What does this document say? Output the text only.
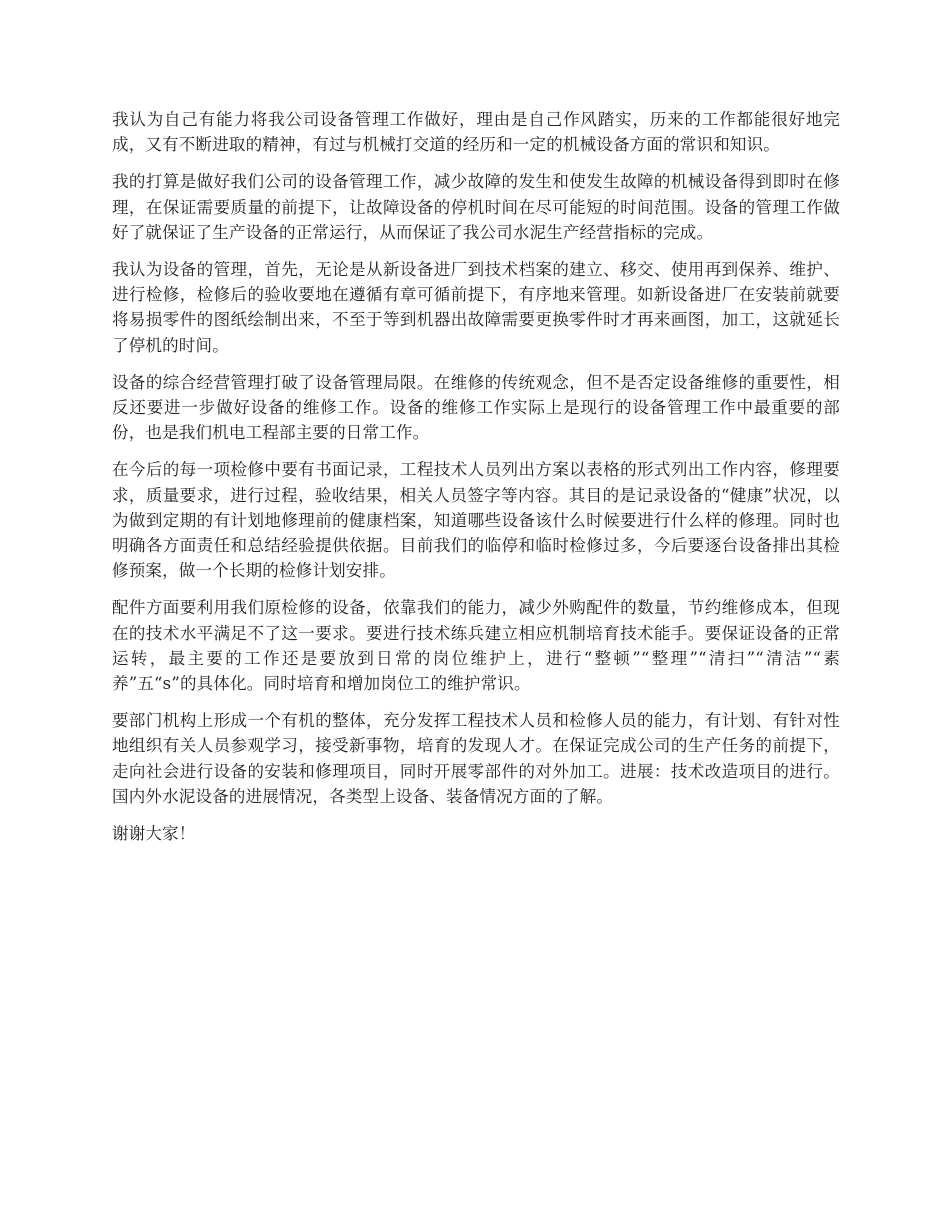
我认为自己有能力将我公司设备管理工作做好，理由是自己作风踏实，历来的工作都能很好地完成，又有不断进取的精神，有过与机械打交道的经历和一定的机械设备方面的常识和知识。

我的打算是做好我们公司的设备管理工作，减少故障的发生和使发生故障的机械设备得到即时在修理，在保证需要质量的前提下，让故障设备的停机时间在尽可能短的时间范围。设备的管理工作做好了就保证了生产设备的正常运行，从而保证了我公司水泥生产经营指标的完成。

我认为设备的管理，首先，无论是从新设备进厂到技术档案的建立、移交、使用再到保养、维护、进行检修，检修后的验收要地在遵循有章可循前提下，有序地来管理。如新设备进厂在安装前就要将易损零件的图纸绘制出来，不至于等到机器出故障需要更换零件时才再来画图，加工，这就延长了停机的时间。

设备的综合经营管理打破了设备管理局限。在维修的传统观念，但不是否定设备维修的重要性，相反还要进一步做好设备的维修工作。设备的维修工作实际上是现行的设备管理工作中最重要的部份，也是我们机电工程部主要的日常工作。

在今后的每一项检修中要有书面记录，工程技术人员列出方案以表格的形式列出工作内容，修理要求，质量要求，进行过程，验收结果，相关人员签字等内容。其目的是记录设备的“健康”状况，以为做到定期的有计划地修理前的健康档案，知道哪些设备该什么时候要进行什么样的修理。同时也明确各方面责任和总结经验提供依据。目前我们的临停和临时检修过多，今后要逐台设备排出其检修预案，做一个长期的检修计划安排。

配件方面要利用我们原检修的设备，依靠我们的能力，减少外购配件的数量，节约维修成本，但现在的技术水平满足不了这一要求。要进行技术练兵建立相应机制培育技术能手。要保证设备的正常运转，最主要的工作还是要放到日常的岗位维护上，进行“整顿”“整理”“清扫”“清洁”“素养”五“s”的具体化。同时培育和增加岗位工的维护常识。

要部门机构上形成一个有机的整体，充分发挥工程技术人员和检修人员的能力，有计划、有针对性地组织有关人员参观学习，接受新事物，培育的发现人才。在保证完成公司的生产任务的前提下，走向社会进行设备的安装和修理项目，同时开展零部件的对外加工。进展：技术改造项目的进行。国内外水泥设备的进展情况，各类型上设备、装备情况方面的了解。

谢谢大家！
